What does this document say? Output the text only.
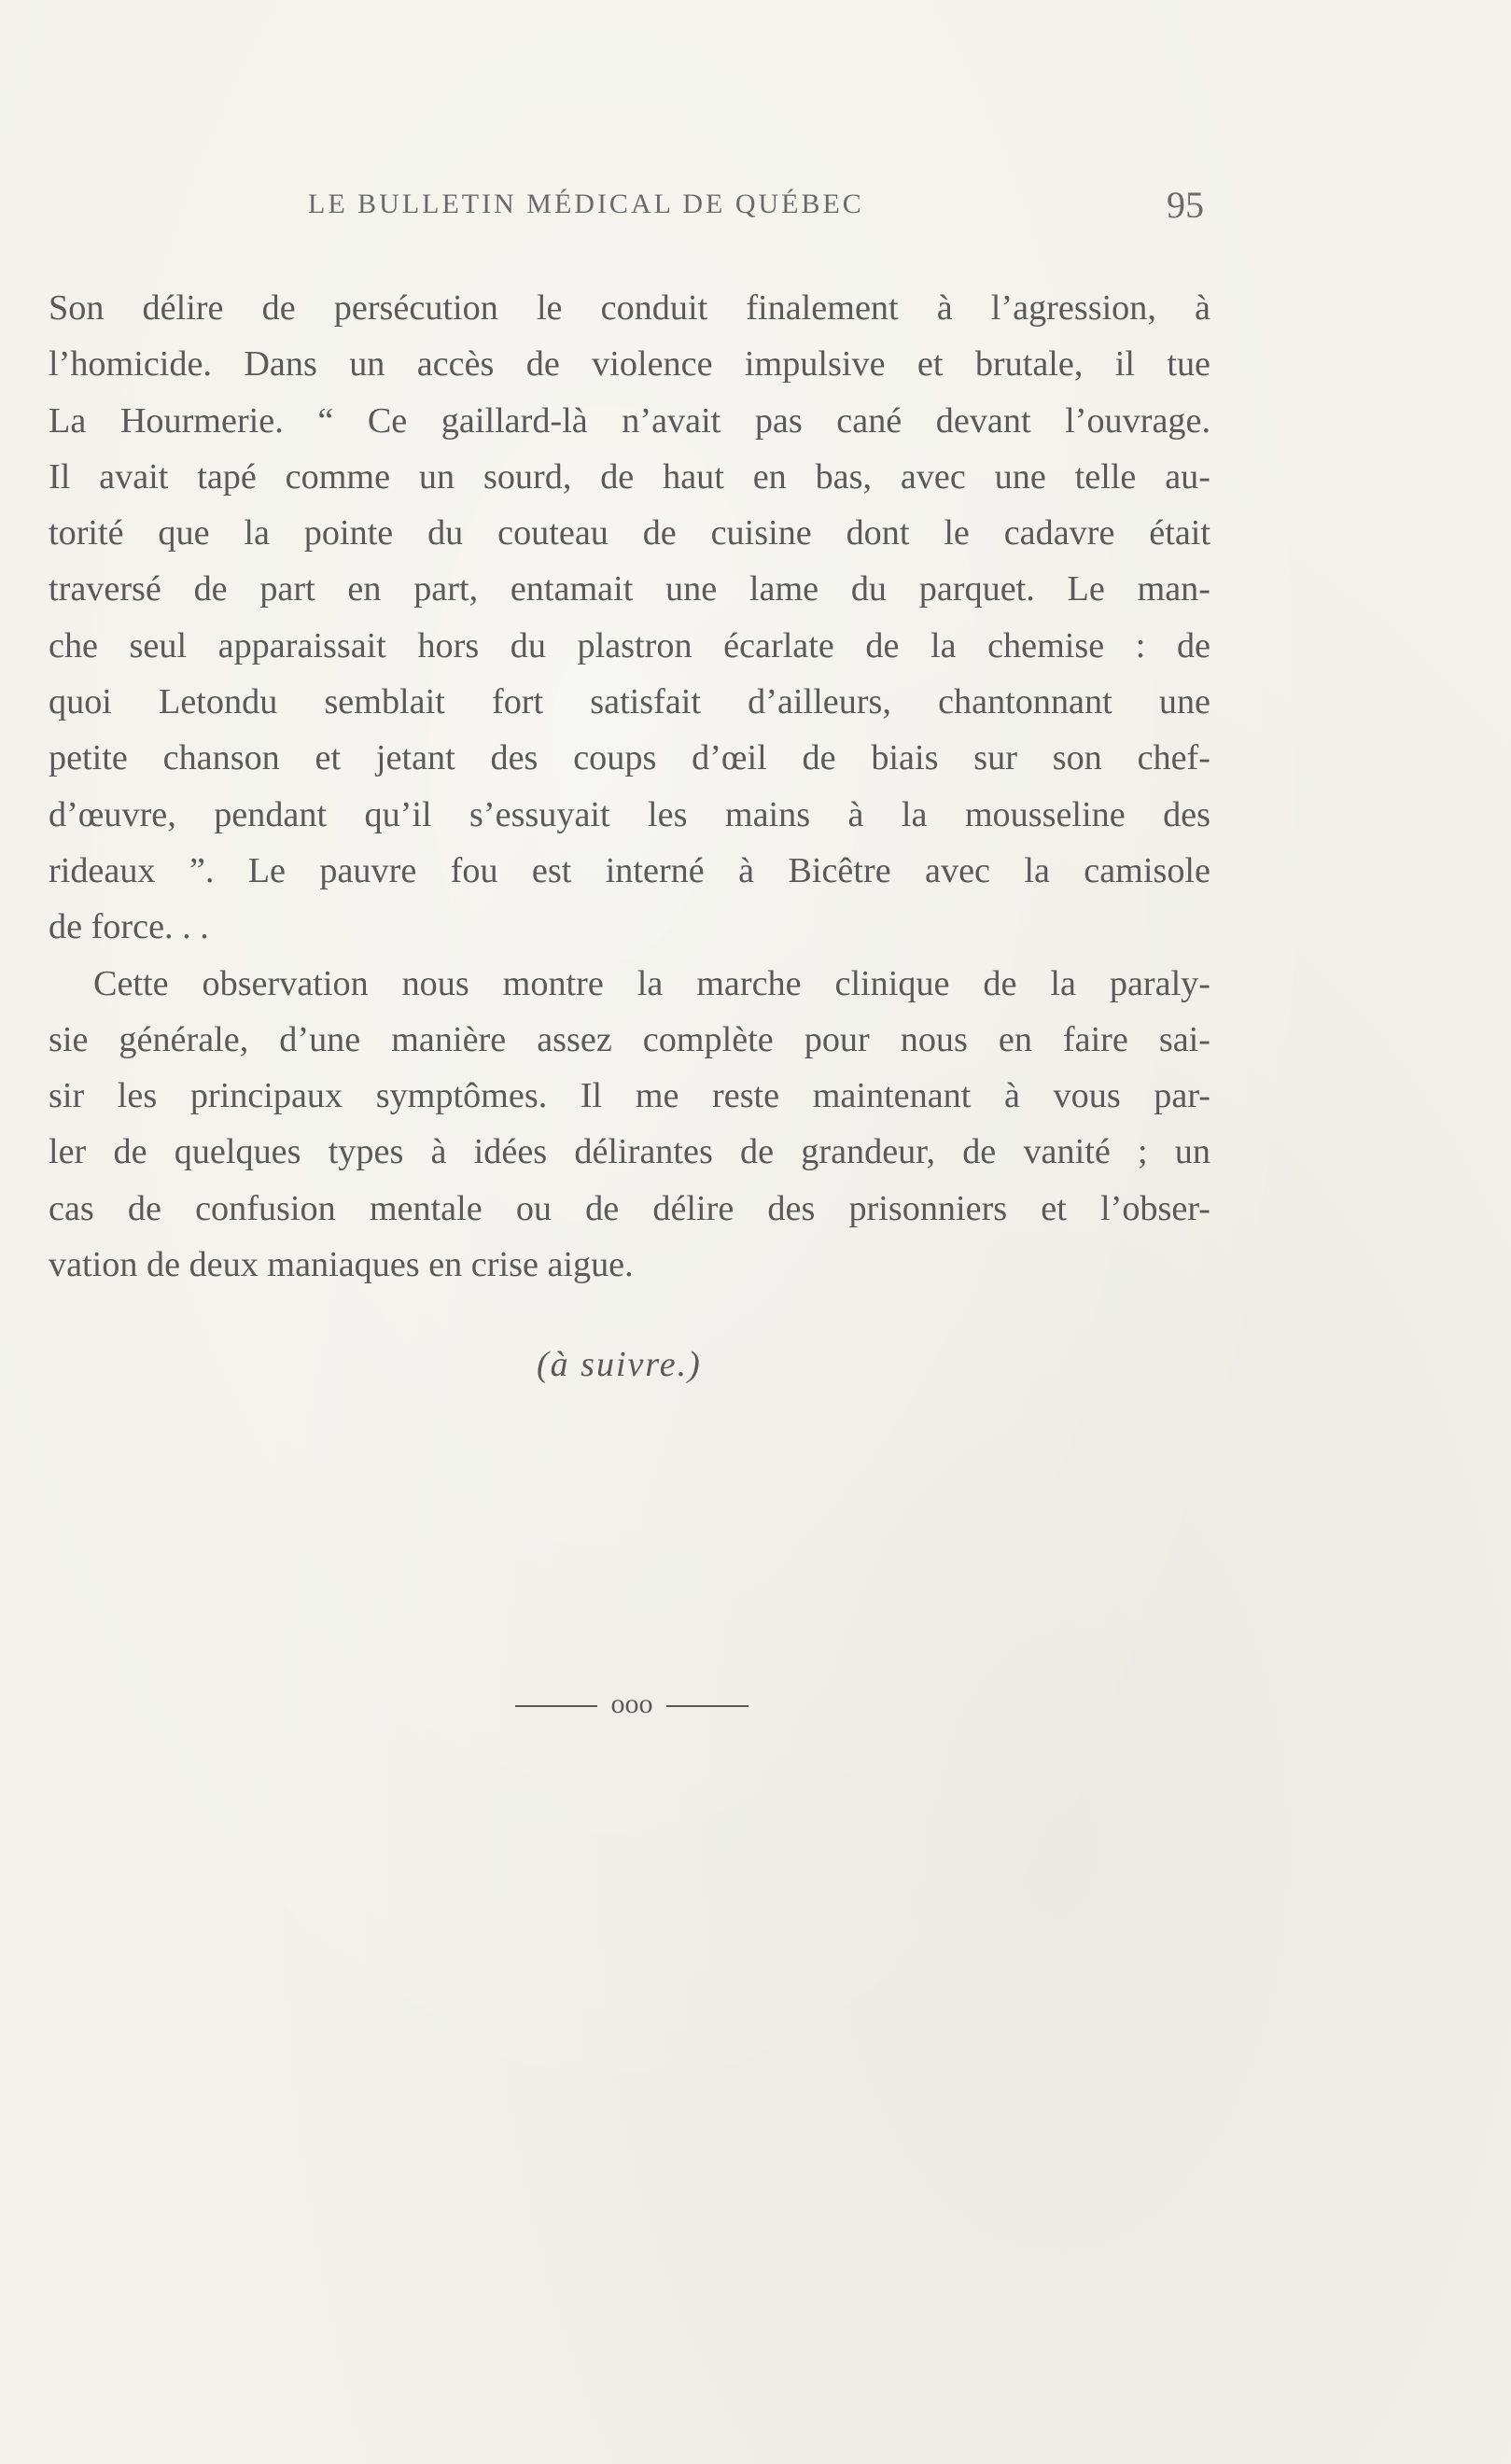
LE BULLETIN MÉDICAL DE QUÉBEC	95
Son délire de persécution le conduit finalement à l’agression, à
l’homicide. Dans un accès de violence impulsive et brutale, il tue
La Hourmerie. “ Ce gaillard-là n’avait pas cané devant l’ouvrage.
Il avait tapé comme un sourd, de haut en bas, avec une telle au-
torité que la pointe du couteau de cuisine dont le cadavre était
traversé de part en part, entamait une lame du parquet. Le man-
che seul apparaissait hors du plastron écarlate de la chemise : de
quoi Letondu semblait fort satisfait d’ailleurs, chantonnant une
petite chanson et jetant des coups d’œil de biais sur son chef-
d’œuvre, pendant qu’il s’essuyait les mains à la mousseline des
rideaux ”. Le pauvre fou est interné à Bicêtre avec la camisole
de force. . .
Cette observation nous montre la marche clinique de la paraly-
sie générale, d’une manière assez complète pour nous en faire sai-
sir les principaux symptômes. Il me reste maintenant à vous par-
ler de quelques types à idées délirantes de grandeur, de vanité ; un
cas de confusion mentale ou de délire des prisonniers et l’obser-
vation de deux maniaques en crise aigue.
(à suivre.)
ooo
